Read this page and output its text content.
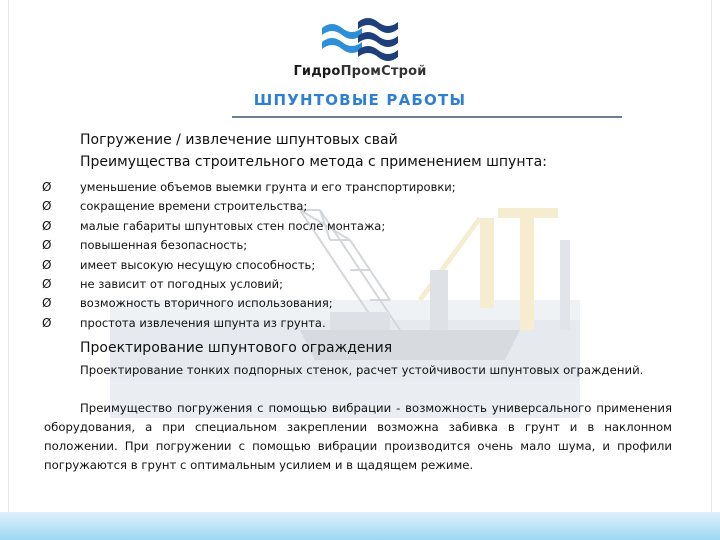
ГидроПромСтрой
ШПУНТОВЫЕ РАБОТЫ
Погружение / извлечение шпунтовых свай
Преимущества строительного метода с применением шпунта:
Ø уменьшение объемов выемки грунта и его транспортировки;
Ø сокращение времени строительства;
Ø малые габариты шпунтовых стен после монтажа;
Ø повышенная безопасность;
Ø имеет высокую несущую способность;
Ø не зависит от погодных условий;
Ø возможность вторичного использования;
Ø простота извлечения шпунта из грунта.
Проектирование шпунтового ограждения

Проектирование тонких подпорных стенок, расчет устойчивости шпунтовых ограждений.

Преимущество погружения с помощью вибрации - возможность универсального применения оборудования, а при специальном закреплении возможна забивка в грунт и в наклонном положении. При погружении с помощью вибрации производится очень мало шума, и профили погружаются в грунт с оптимальным усилием и в щадящем режиме.
